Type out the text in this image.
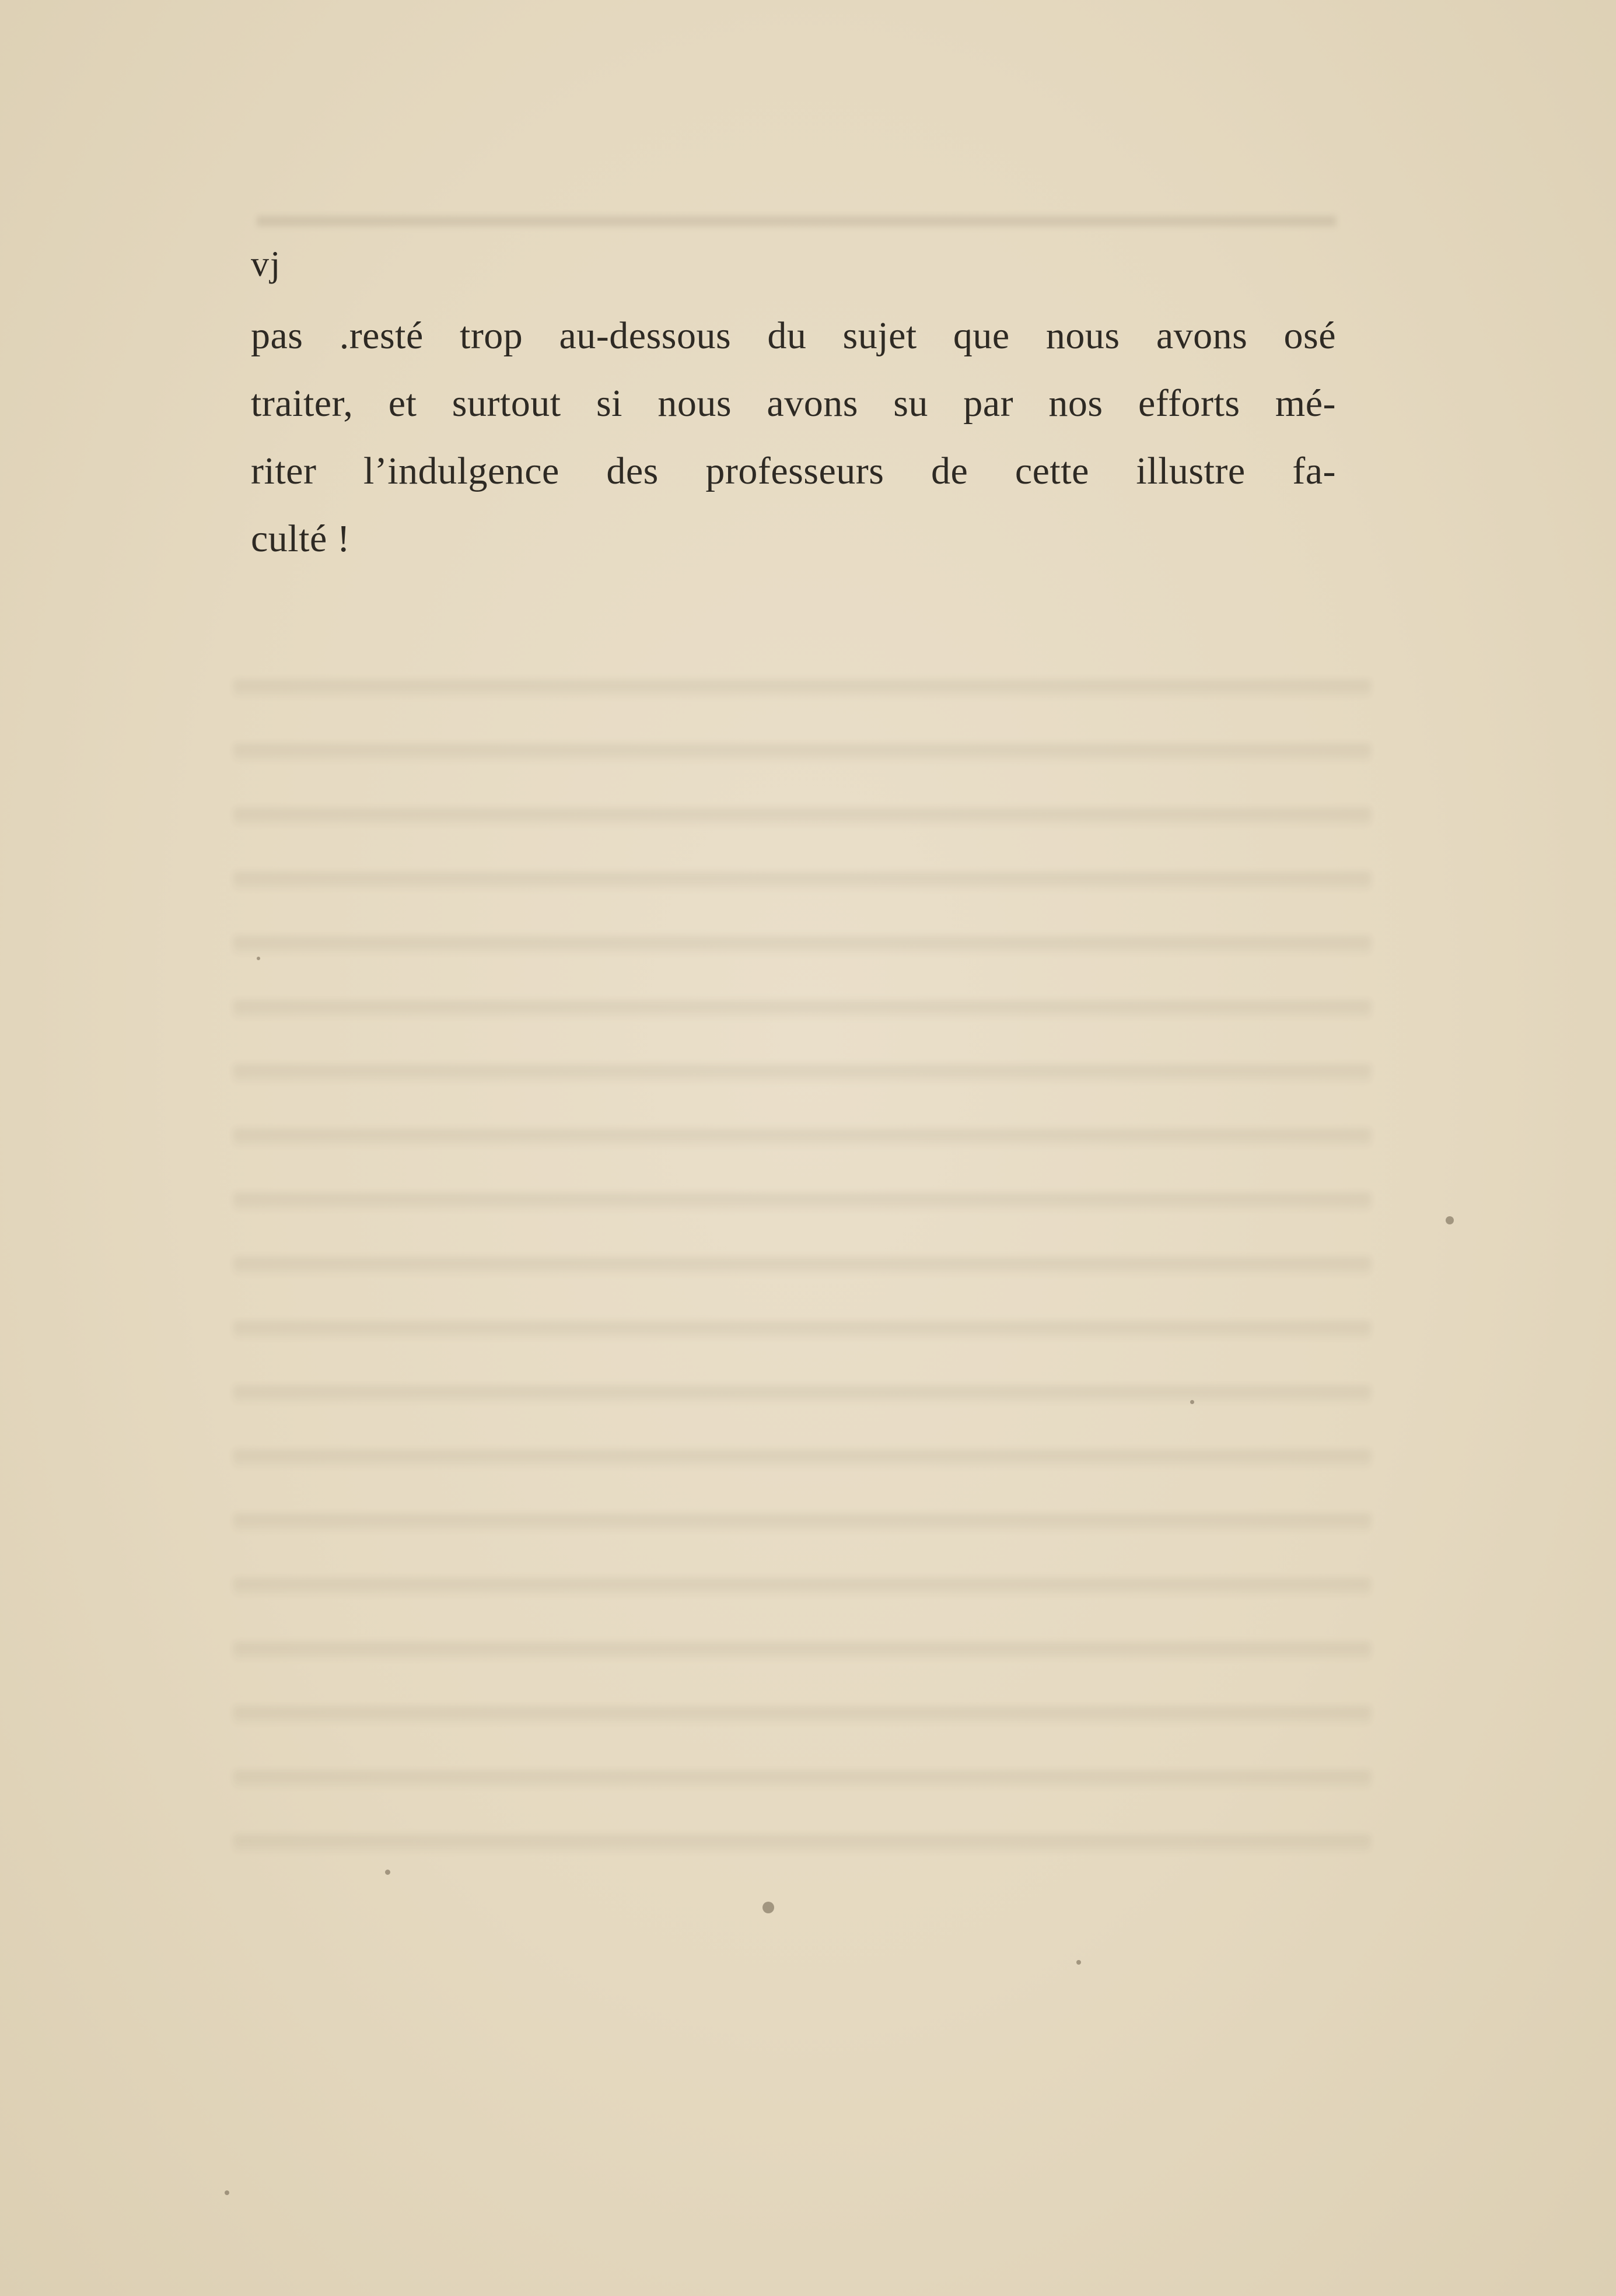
vj
pas .resté trop au-dessous du sujet que nous avons osé
traiter, et surtout si nous avons su par nos efforts mé-
riter l’indulgence des professeurs de cette illustre fa-
culté !
